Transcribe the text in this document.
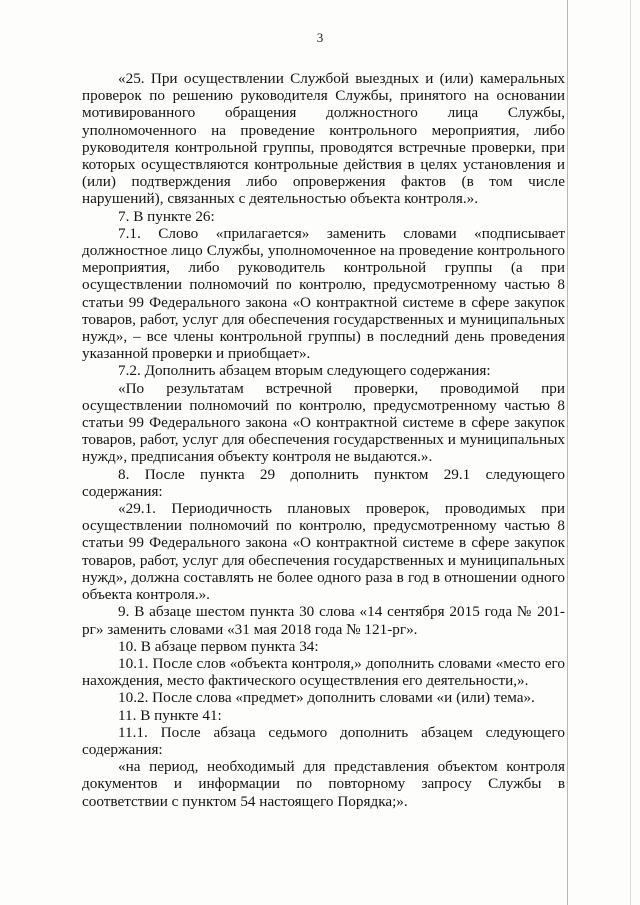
3

«25. При осуществлении Службой выездных и (или) камеральных проверок по решению руководителя Службы, принятого на основании мотивированного обращения должностного лица Службы, уполномоченного на проведение контрольного мероприятия, либо руководителя контрольной группы, проводятся встречные проверки, при которых осуществляются контрольные действия в целях установления и (или) подтверждения либо опровержения фактов (в том числе нарушений), связанных с деятельностью объекта контроля.».

7. В пункте 26:

7.1. Слово «прилагается» заменить словами «подписывает должностное лицо Службы, уполномоченное на проведение контрольного мероприятия, либо руководитель контрольной группы (а при осуществлении полномочий по контролю, предусмотренному частью 8 статьи 99 Федерального закона «О контрактной системе в сфере закупок товаров, работ, услуг для обеспечения государственных и муниципальных нужд», – все члены контрольной группы) в последний день проведения указанной проверки и приобщает».

7.2. Дополнить абзацем вторым следующего содержания:

«По результатам встречной проверки, проводимой при осуществлении полномочий по контролю, предусмотренному частью 8 статьи 99 Федерального закона «О контрактной системе в сфере закупок товаров, работ, услуг для обеспечения государственных и муниципальных нужд», предписания объекту контроля не выдаются.».

8. После пункта 29 дополнить пунктом 29.1 следующего содержания:

«29.1. Периодичность плановых проверок, проводимых при осуществлении полномочий по контролю, предусмотренному частью 8 статьи 99 Федерального закона «О контрактной системе в сфере закупок товаров, работ, услуг для обеспечения государственных и муниципальных нужд», должна составлять не более одного раза в год в отношении одного объекта контроля.».

9. В абзаце шестом пункта 30 слова «14 сентября 2015 года № 201-рг» заменить словами «31 мая 2018 года № 121-рг».

10. В абзаце первом пункта 34:

10.1. После слов «объекта контроля,» дополнить словами «место его нахождения, место фактического осуществления его деятельности,».

10.2. После слова «предмет» дополнить словами «и (или) тема».

11. В пункте 41:

11.1. После абзаца седьмого дополнить абзацем следующего содержания:

«на период, необходимый для представления объектом контроля документов и информации по повторному запросу Службы в соответствии с пунктом 54 настоящего Порядка;».
